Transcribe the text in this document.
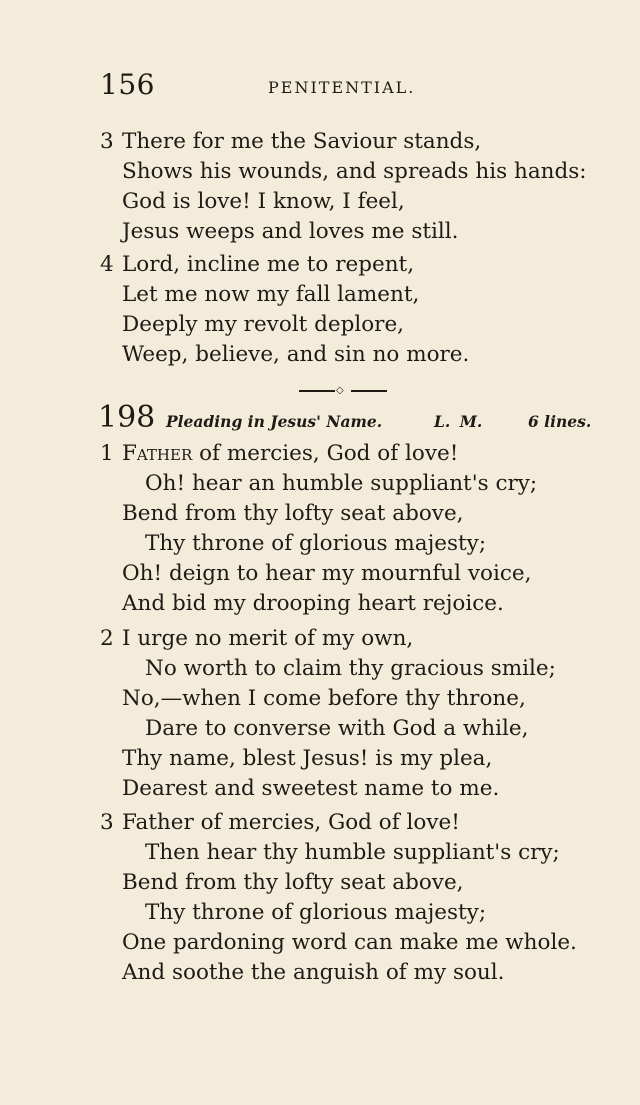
156	PENITENTIAL.
3 There for me the Saviour stands,
Shows his wounds, and spreads his hands:
God is love! I know, I feel,
Jesus weeps and loves me still.
4 Lord, incline me to repent,
Let me now my fall lament,
Deeply my revolt deplore,
Weep, believe, and sin no more.
◇
198 Pleading in Jesus' Name.	L. M.	6 lines.
1 Father of mercies, God of love!
Oh! hear an humble suppliant's cry;
Bend from thy lofty seat above,
Thy throne of glorious majesty;
Oh! deign to hear my mournful voice,
And bid my drooping heart rejoice.
2 I urge no merit of my own,
No worth to claim thy gracious smile;
No,—when I come before thy throne,
Dare to converse with God a while,
Thy name, blest Jesus! is my plea,
Dearest and sweetest name to me.
3 Father of mercies, God of love!
Then hear thy humble suppliant's cry;
Bend from thy lofty seat above,
Thy throne of glorious majesty;
One pardoning word can make me whole.
And soothe the anguish of my soul.
